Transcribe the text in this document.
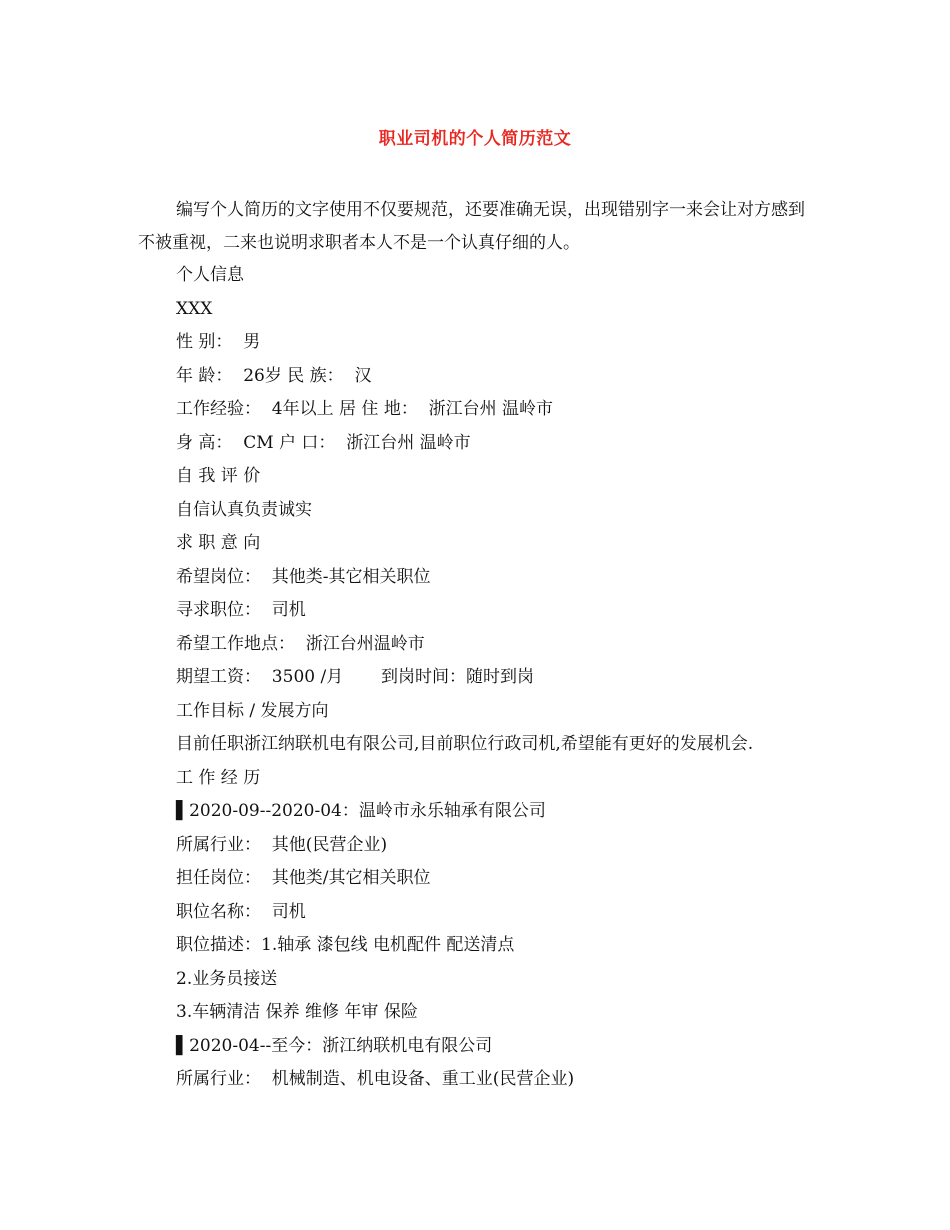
职业司机的个人简历范文

编写个人简历的文字使用不仅要规范，还要准确无误，出现错别字一来会让对方感到不被重视，二来也说明求职者本人不是一个认真仔细的人。

个人信息
XXX
性 别：  男
年 龄：  26岁 民 族：  汉
工作经验：  4年以上 居 住 地：  浙江台州 温岭市
身 高：  CM 户 口：  浙江台州 温岭市
自 我 评 价
自信认真负责诚实
求 职 意 向
希望岗位：  其他类-其它相关职位
寻求职位：  司机
希望工作地点：  浙江台州温岭市
期望工资：  3500 /月       到岗时间：随时到岗
工作目标 / 发展方向
目前任职浙江纳联机电有限公司,目前职位行政司机,希望能有更好的发展机会.
工 作 经 历
▌2020-09--2020-04：温岭市永乐轴承有限公司
所属行业：  其他(民营企业)
担任岗位：  其他类/其它相关职位
职位名称：  司机
职位描述：1.轴承 漆包线 电机配件 配送清点
2.业务员接送
3.车辆清洁 保养 维修 年审 保险
▌2020-04--至今：浙江纳联机电有限公司
所属行业：  机械制造、机电设备、重工业(民营企业)
